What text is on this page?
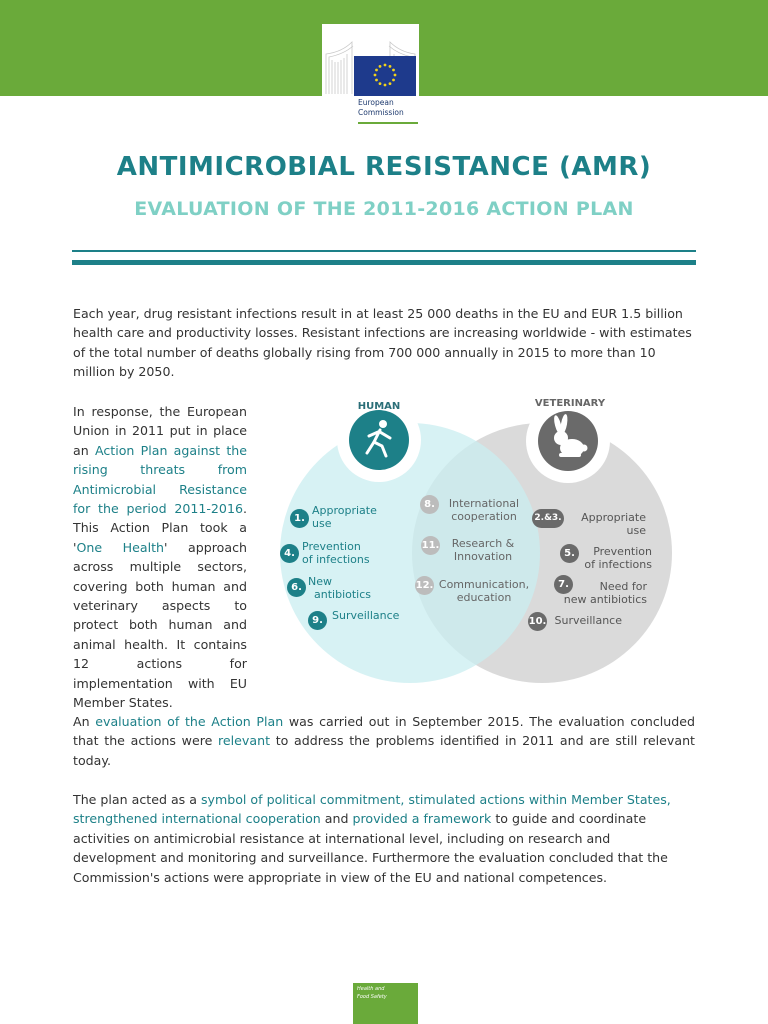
European
Commission
ANTIMICROBIAL RESISTANCE (AMR)
EVALUATION OF THE 2011-2016 ACTION PLAN

Each year, drug resistant infections result in at least 25 000 deaths in the EU and EUR 1.5 billion health care and productivity losses. Resistant infections are increasing worldwide - with estimates of the total number of deaths globally rising from 700 000 annually in 2015 to more than 10 million by 2050.

In response, the European Union in 2011 put in place an Action Plan against the rising threats from Antimicrobial Resistance for the period 2011-2016. This Action Plan took a 'One Health' approach across multiple sectors, covering both human and veterinary aspects to protect both human and animal health. It contains 12 actions for implementation with EU Member States.

HUMAN	VETERINARY
1.
Appropriate
use
4.
Prevention
of infections
6. New
antibiotics
9. Surveillance
8.	International
cooperation
11.	Research &
Innovation
12. Communication,
education
2.&3.	Appropriate
use
5.	Prevention
of infections
7.	Need for
new antibiotics
10. Surveillance

An evaluation of the Action Plan was carried out in September 2015. The evaluation concluded that the actions were relevant to address the problems identified in 2011 and are still relevant today.

The plan acted as a symbol of political commitment, stimulated actions within Member States, strengthened international cooperation and provided a framework to guide and coordinate activities on antimicrobial resistance at international level, including on research and development and monitoring and surveillance. Furthermore the evaluation concluded that the Commission's actions were appropriate in view of the EU and national competences.

Health and
Food Safety
